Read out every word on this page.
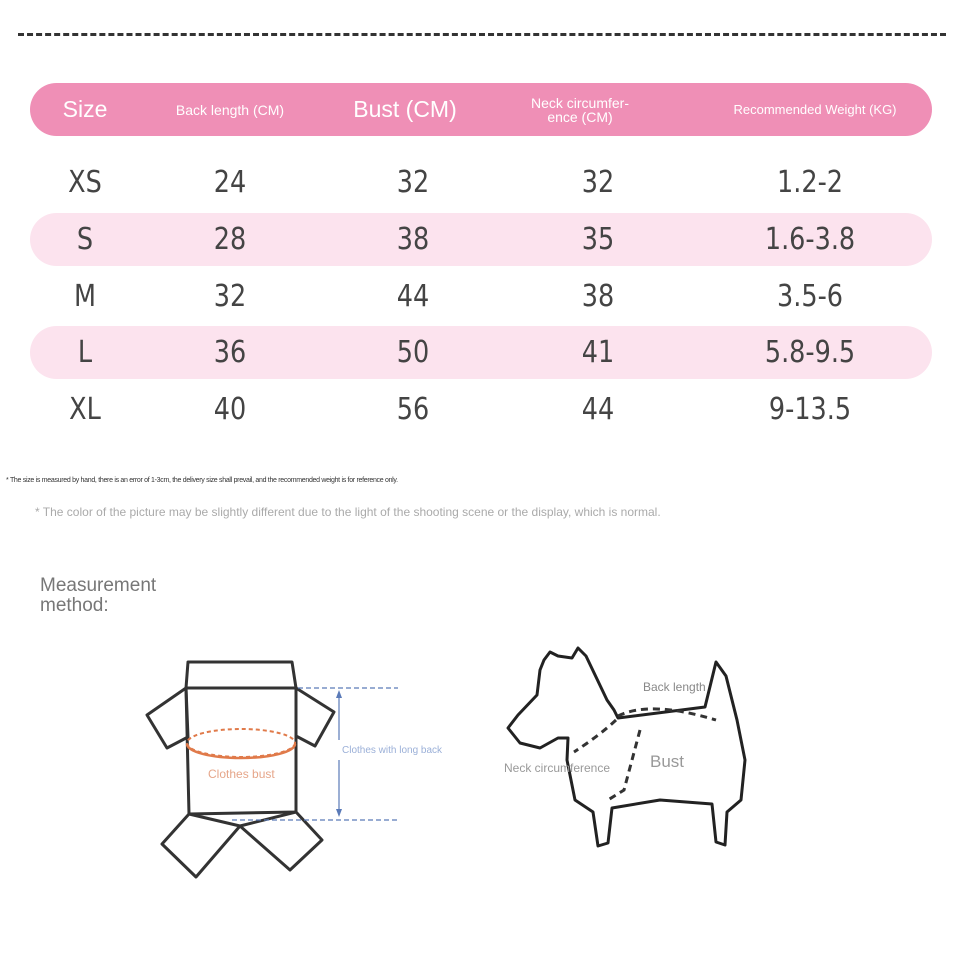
Size	Back length (CM)	Bust (CM)	Neck circumfer-ence (CM)	Recommended Weight (KG)
XS	24	32	32	1.2-2
S	28	38	35	1.6-3.8
M	32	44	38	3.5-6
L	36	50	41	5.8-9.5
XL	40	56	44	9-13.5
* The size is measured by hand, there is an error of 1-3cm, the delivery size shall prevail, and the recommended weight is for reference only.
* The color of the picture may be slightly different due to the light of the shooting scene or the display, which is normal.
Measurement
method:
Clothes bust
Clothes with long back
Back length
Neck circumference Bust
